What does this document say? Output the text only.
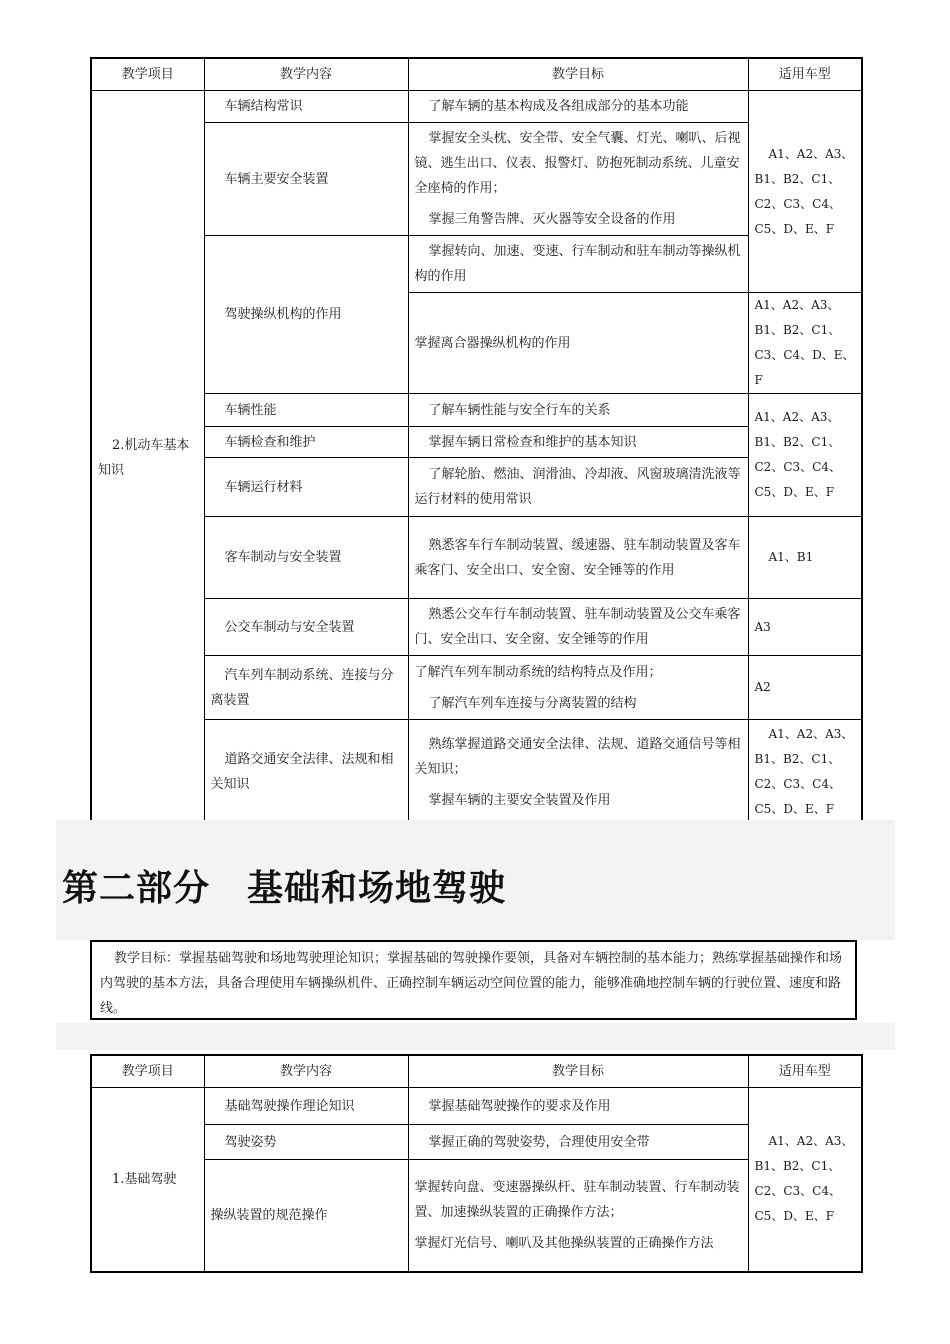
教学项目	教学内容	教学目标	适用车型
2.机动车基本知识	车辆结构常识	了解车辆的基本构成及各组成部分的基本功能	A1、A2、A3、B1、B2、C1、C2、C3、C4、C5、D、E、F
	车辆主要安全装置	掌握安全头枕、安全带、安全气囊、灯光、喇叭、后视镜、逃生出口、仪表、报警灯、防抱死制动系统、儿童安全座椅的作用；

掌握三角警告牌、灭火器等安全设备的作用	

	驾驶操纵机构的作用	掌握转向、加速、变速、行车制动和驻车制动等操纵机构的作用	
		掌握离合器操纵机构的作用	A1、A2、A3、B1、B2、C1、C3、C4、D、E、F
	车辆性能	了解车辆性能与安全行车的关系	A1、A2、A3、B1、B2、C1、C2、C3、C4、C5、D、E、F
	车辆检查和维护	掌握车辆日常检查和维护的基本知识	
	车辆运行材料	了解轮胎、燃油、润滑油、冷却液、风窗玻璃清洗液等运行材料的使用常识	
	客车制动与安全装置	熟悉客车行车制动装置、缓速器、驻车制动装置及客车乘客门、安全出口、安全窗、安全锤等的作用	A1、B1
	公交车制动与安全装置	熟悉公交车行车制动装置、驻车制动装置及公交车乘客门、安全出口、安全窗、安全锤等的作用	A3
	汽车列车制动系统、连接与分离装置	了解汽车列车制动系统的结构特点及作用；

了解汽车列车连接与分离装置的结构	A2
	道路交通安全法律、法规和相关知识	熟练掌握道路交通安全法律、法规、道路交通信号等相关知识；

掌握车辆的主要安全装置及作用	A1、A2、A3、B1、B2、C1、C2、C3、C4、C5、D、E、F
第二部分　基础和场地驾驶

教学目标：掌握基础驾驶和场地驾驶理论知识；掌握基础的驾驶操作要领，具备对车辆控制的基本能力；熟练掌握基础操作和场内驾驶的基本方法，具备合理使用车辆操纵机件、正确控制车辆运动空间位置的能力，能够准确地控制车辆的行驶位置、速度和路线。

教学项目	教学内容	教学目标	适用车型
1.基础驾驶	基础驾驶操作理论知识	掌握基础驾驶操作的要求及作用	A1、A2、A3、B1、B2、C1、C2、C3、C4、C5、D、E、F
	驾驶姿势	掌握正确的驾驶姿势，合理使用安全带	
	操纵装置的规范操作	掌握转向盘、变速器操纵杆、驻车制动装置、行车制动装置、加速操纵装置的正确操作方法；

掌握灯光信号、喇叭及其他操纵装置的正确操作方法	
